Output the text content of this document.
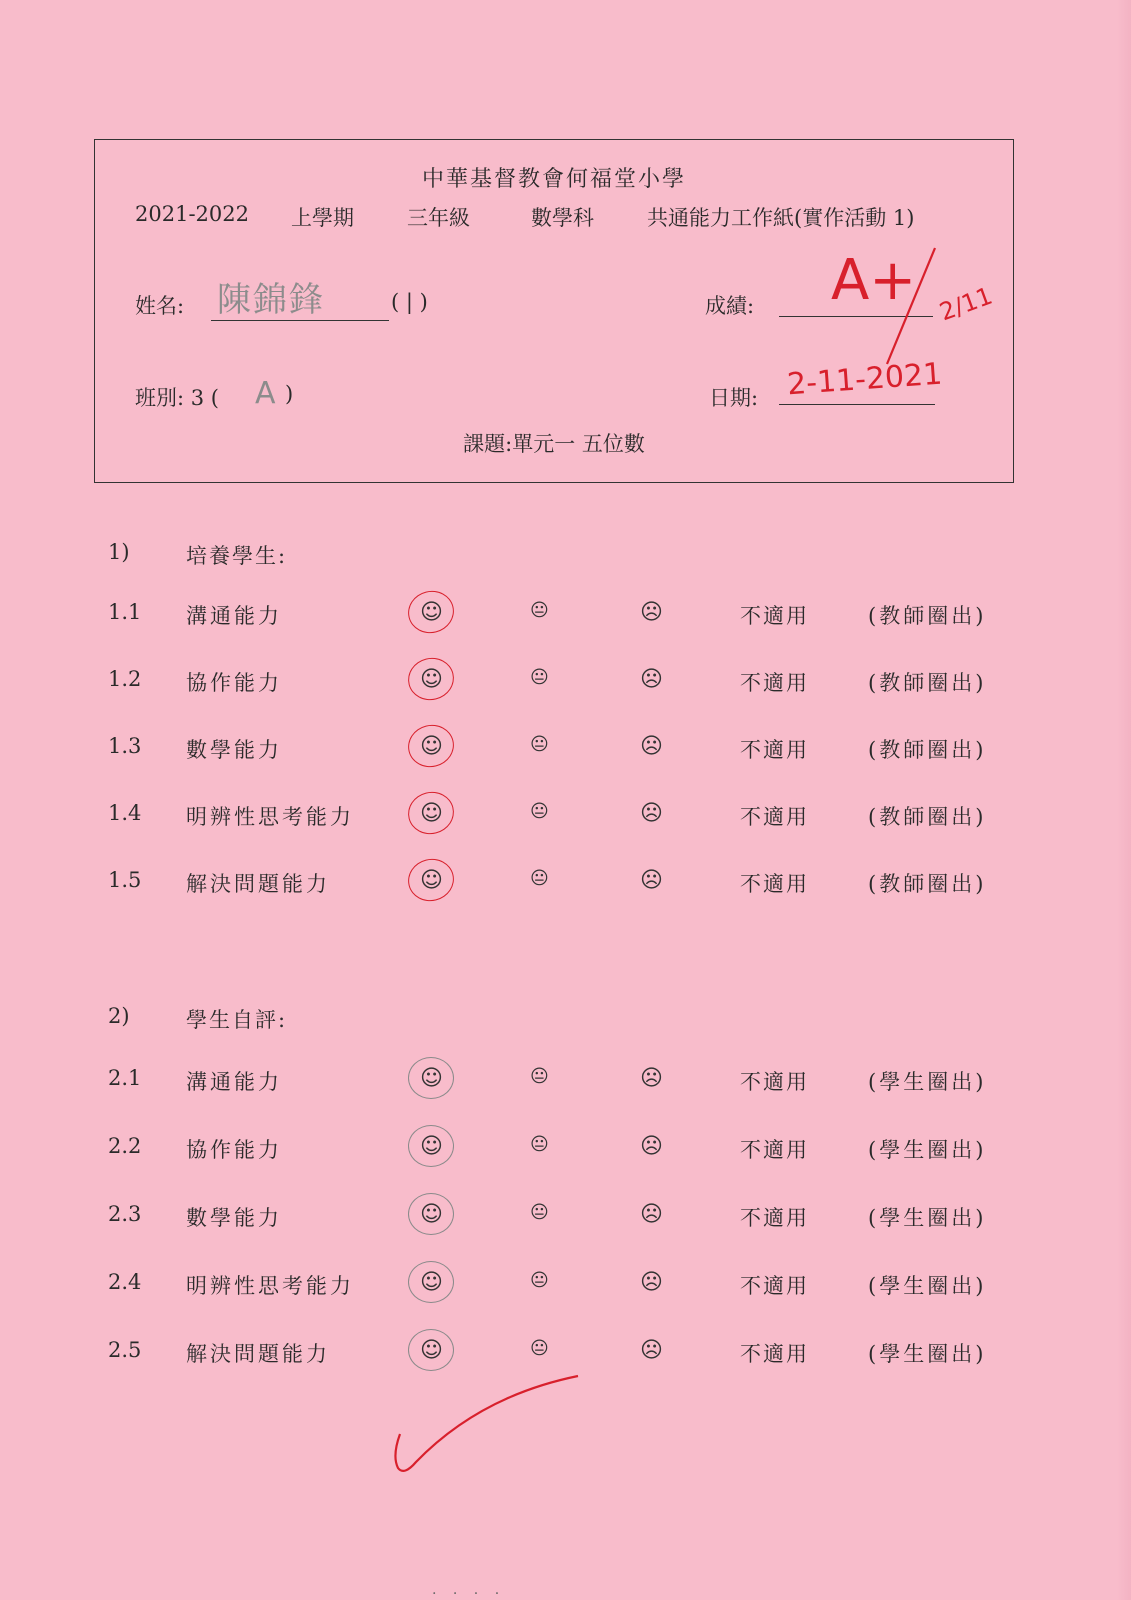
中華基督教會何福堂小學
2021-2022 上學期	三年級	數學科	共通能力工作紙(實作活動 1)
姓名: 陳錦鋒	( | )	成績: A+ 2/11
班別: 3 ( A )	日期: 2-11-2021
課題:單元一 五位數
1)	培養學生:
1.1 溝通能力	☺	😐	☹	不適用	(教師圈出)
1.2 協作能力	☺	😐	☹	不適用	(教師圈出)
1.3 數學能力	☺	😐	☹	不適用	(教師圈出)
1.4 明辨性思考能力	☺	😐	☹	不適用	(教師圈出)
1.5 解決問題能力	☺	😐	☹	不適用	(教師圈出)
2)	學生自評:
2.1 溝通能力	☺	😐	☹	不適用	(學生圈出)
2.2 協作能力	☺	😐	☹	不適用	(學生圈出)
2.3 數學能力	☺	😐	☹	不適用	(學生圈出)
2.4 明辨性思考能力	☺	😐	☹	不適用	(學生圈出)
2.5 解決問題能力	☺	😐	☹	不適用	(學生圈出)
. . . .
